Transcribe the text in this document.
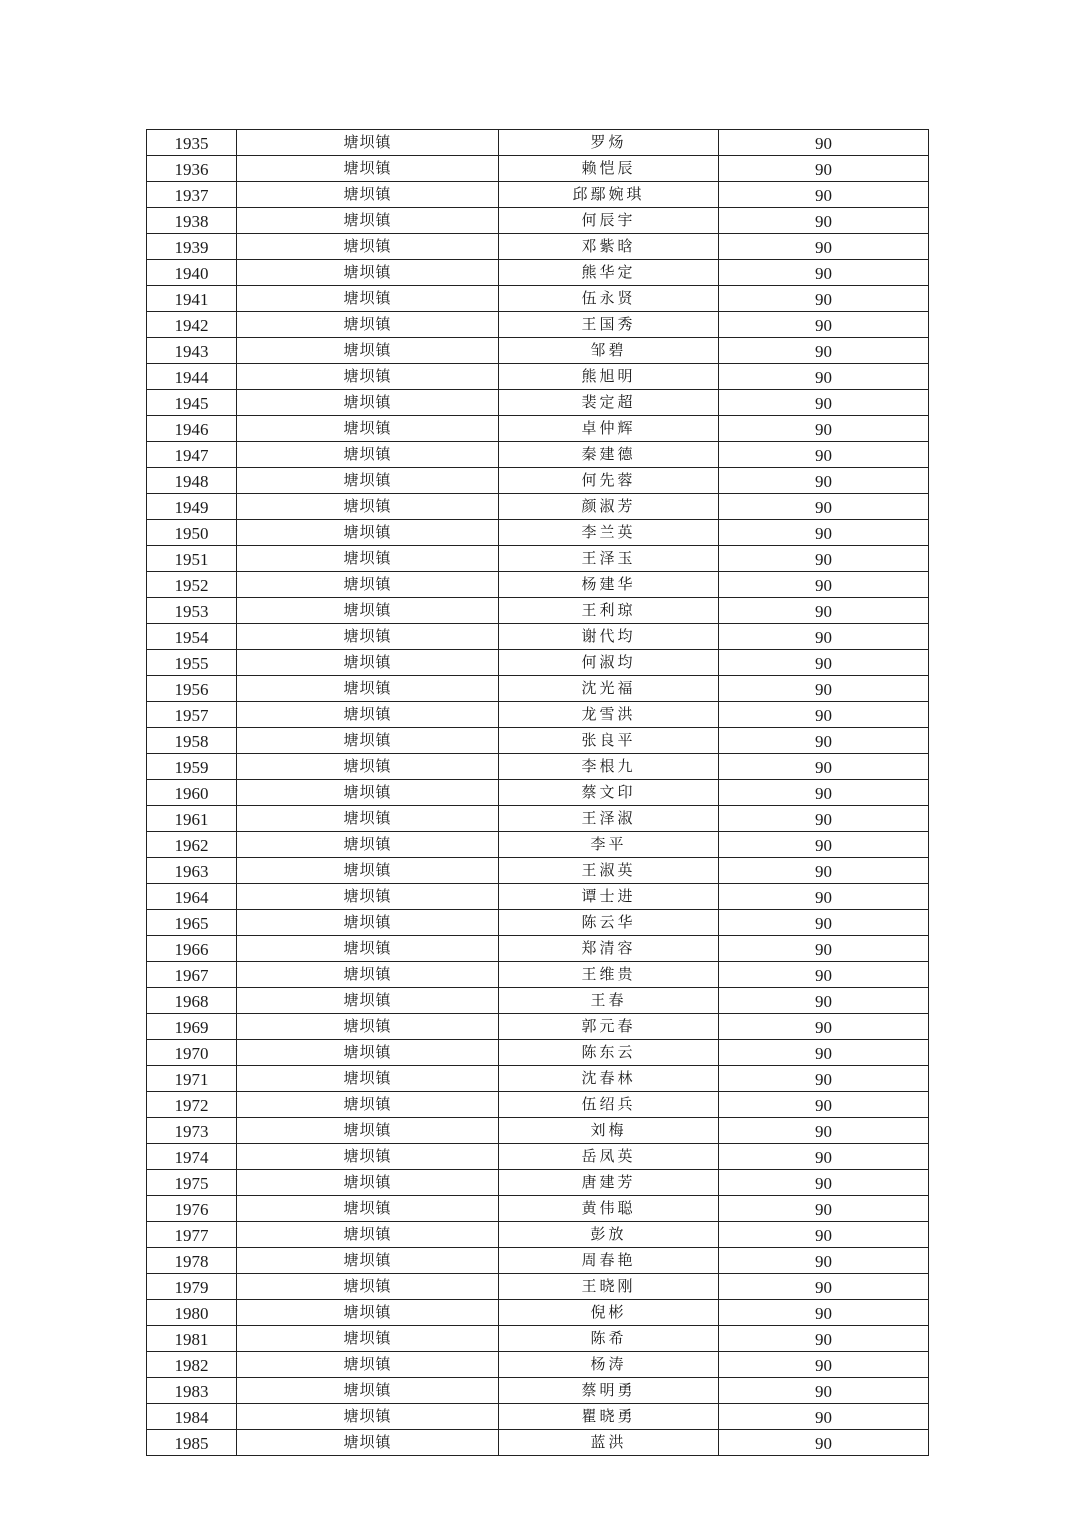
1935	塘坝镇	罗炀	90
1936	塘坝镇	赖恺辰	90
1937	塘坝镇	邱鄢婉琪	90
1938	塘坝镇	何辰宇	90
1939	塘坝镇	邓紫晗	90
1940	塘坝镇	熊华定	90
1941	塘坝镇	伍永贤	90
1942	塘坝镇	王国秀	90
1943	塘坝镇	邹碧	90
1944	塘坝镇	熊旭明	90
1945	塘坝镇	裴定超	90
1946	塘坝镇	卓仲辉	90
1947	塘坝镇	秦建德	90
1948	塘坝镇	何先蓉	90
1949	塘坝镇	颜淑芳	90
1950	塘坝镇	李兰英	90
1951	塘坝镇	王泽玉	90
1952	塘坝镇	杨建华	90
1953	塘坝镇	王利琼	90
1954	塘坝镇	谢代均	90
1955	塘坝镇	何淑均	90
1956	塘坝镇	沈光福	90
1957	塘坝镇	龙雪洪	90
1958	塘坝镇	张良平	90
1959	塘坝镇	李根九	90
1960	塘坝镇	蔡文印	90
1961	塘坝镇	王泽淑	90
1962	塘坝镇	李平	90
1963	塘坝镇	王淑英	90
1964	塘坝镇	谭士进	90
1965	塘坝镇	陈云华	90
1966	塘坝镇	郑清容	90
1967	塘坝镇	王维贵	90
1968	塘坝镇	王春	90
1969	塘坝镇	郭元春	90
1970	塘坝镇	陈东云	90
1971	塘坝镇	沈春林	90
1972	塘坝镇	伍绍兵	90
1973	塘坝镇	刘梅	90
1974	塘坝镇	岳凤英	90
1975	塘坝镇	唐建芳	90
1976	塘坝镇	黄伟聪	90
1977	塘坝镇	彭放	90
1978	塘坝镇	周春艳	90
1979	塘坝镇	王晓刚	90
1980	塘坝镇	倪彬	90
1981	塘坝镇	陈希	90
1982	塘坝镇	杨涛	90
1983	塘坝镇	蔡明勇	90
1984	塘坝镇	瞿晓勇	90
1985	塘坝镇	蓝洪	90
